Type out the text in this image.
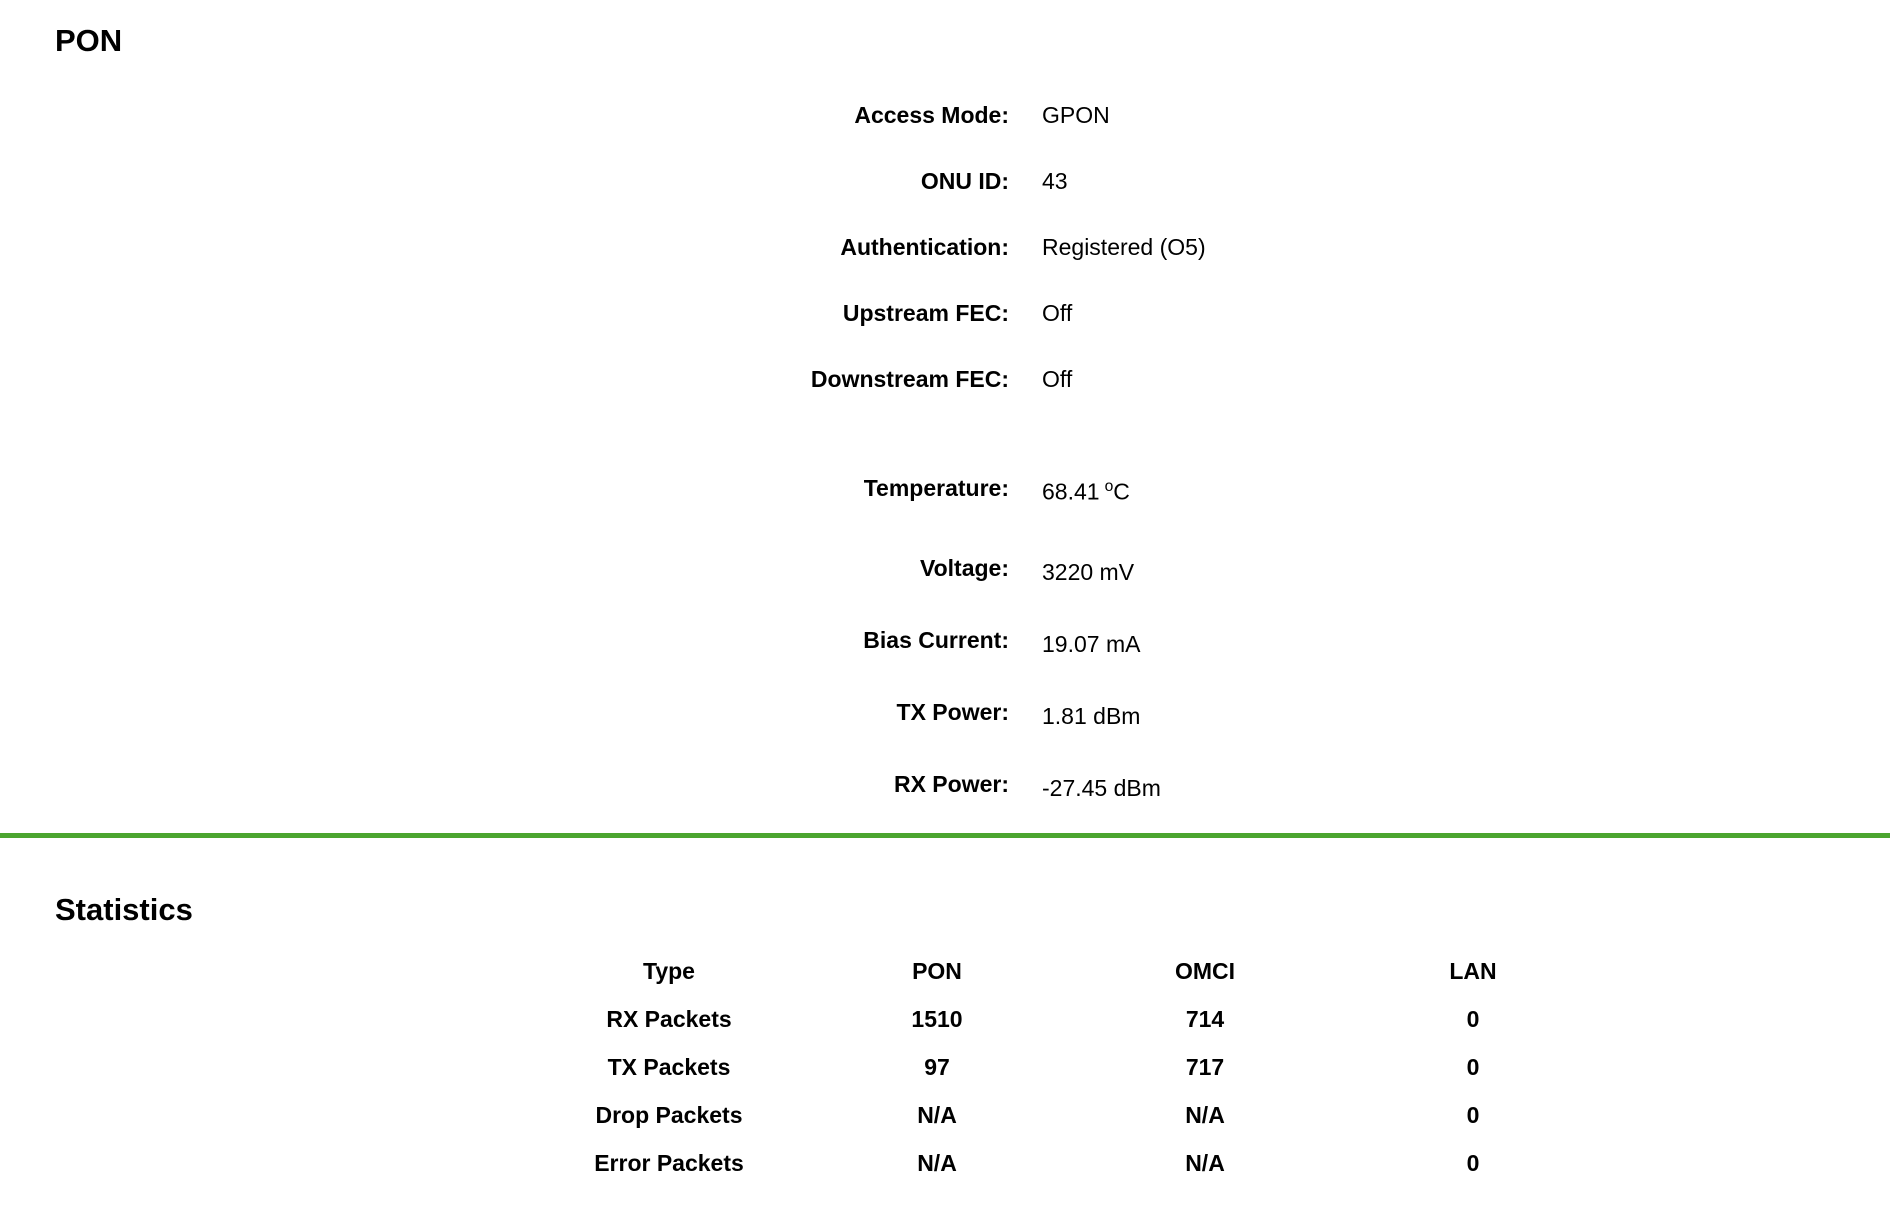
PON
Access Mode:	GPON
ONU ID:	43
Authentication:	Registered (O5)
Upstream FEC:	Off
Downstream FEC:	Off
Temperature:	68.41 $^o$C
Voltage:	3220 mV
Bias Current:	19.07 mA
TX Power:	1.81 dBm
RX Power:	-27.45 dBm
Statistics
Type	PON	OMCI	LAN
RX Packets	1510	714	0
TX Packets	97	717	0
Drop Packets	N/A	N/A	0
Error Packets	N/A	N/A	0
